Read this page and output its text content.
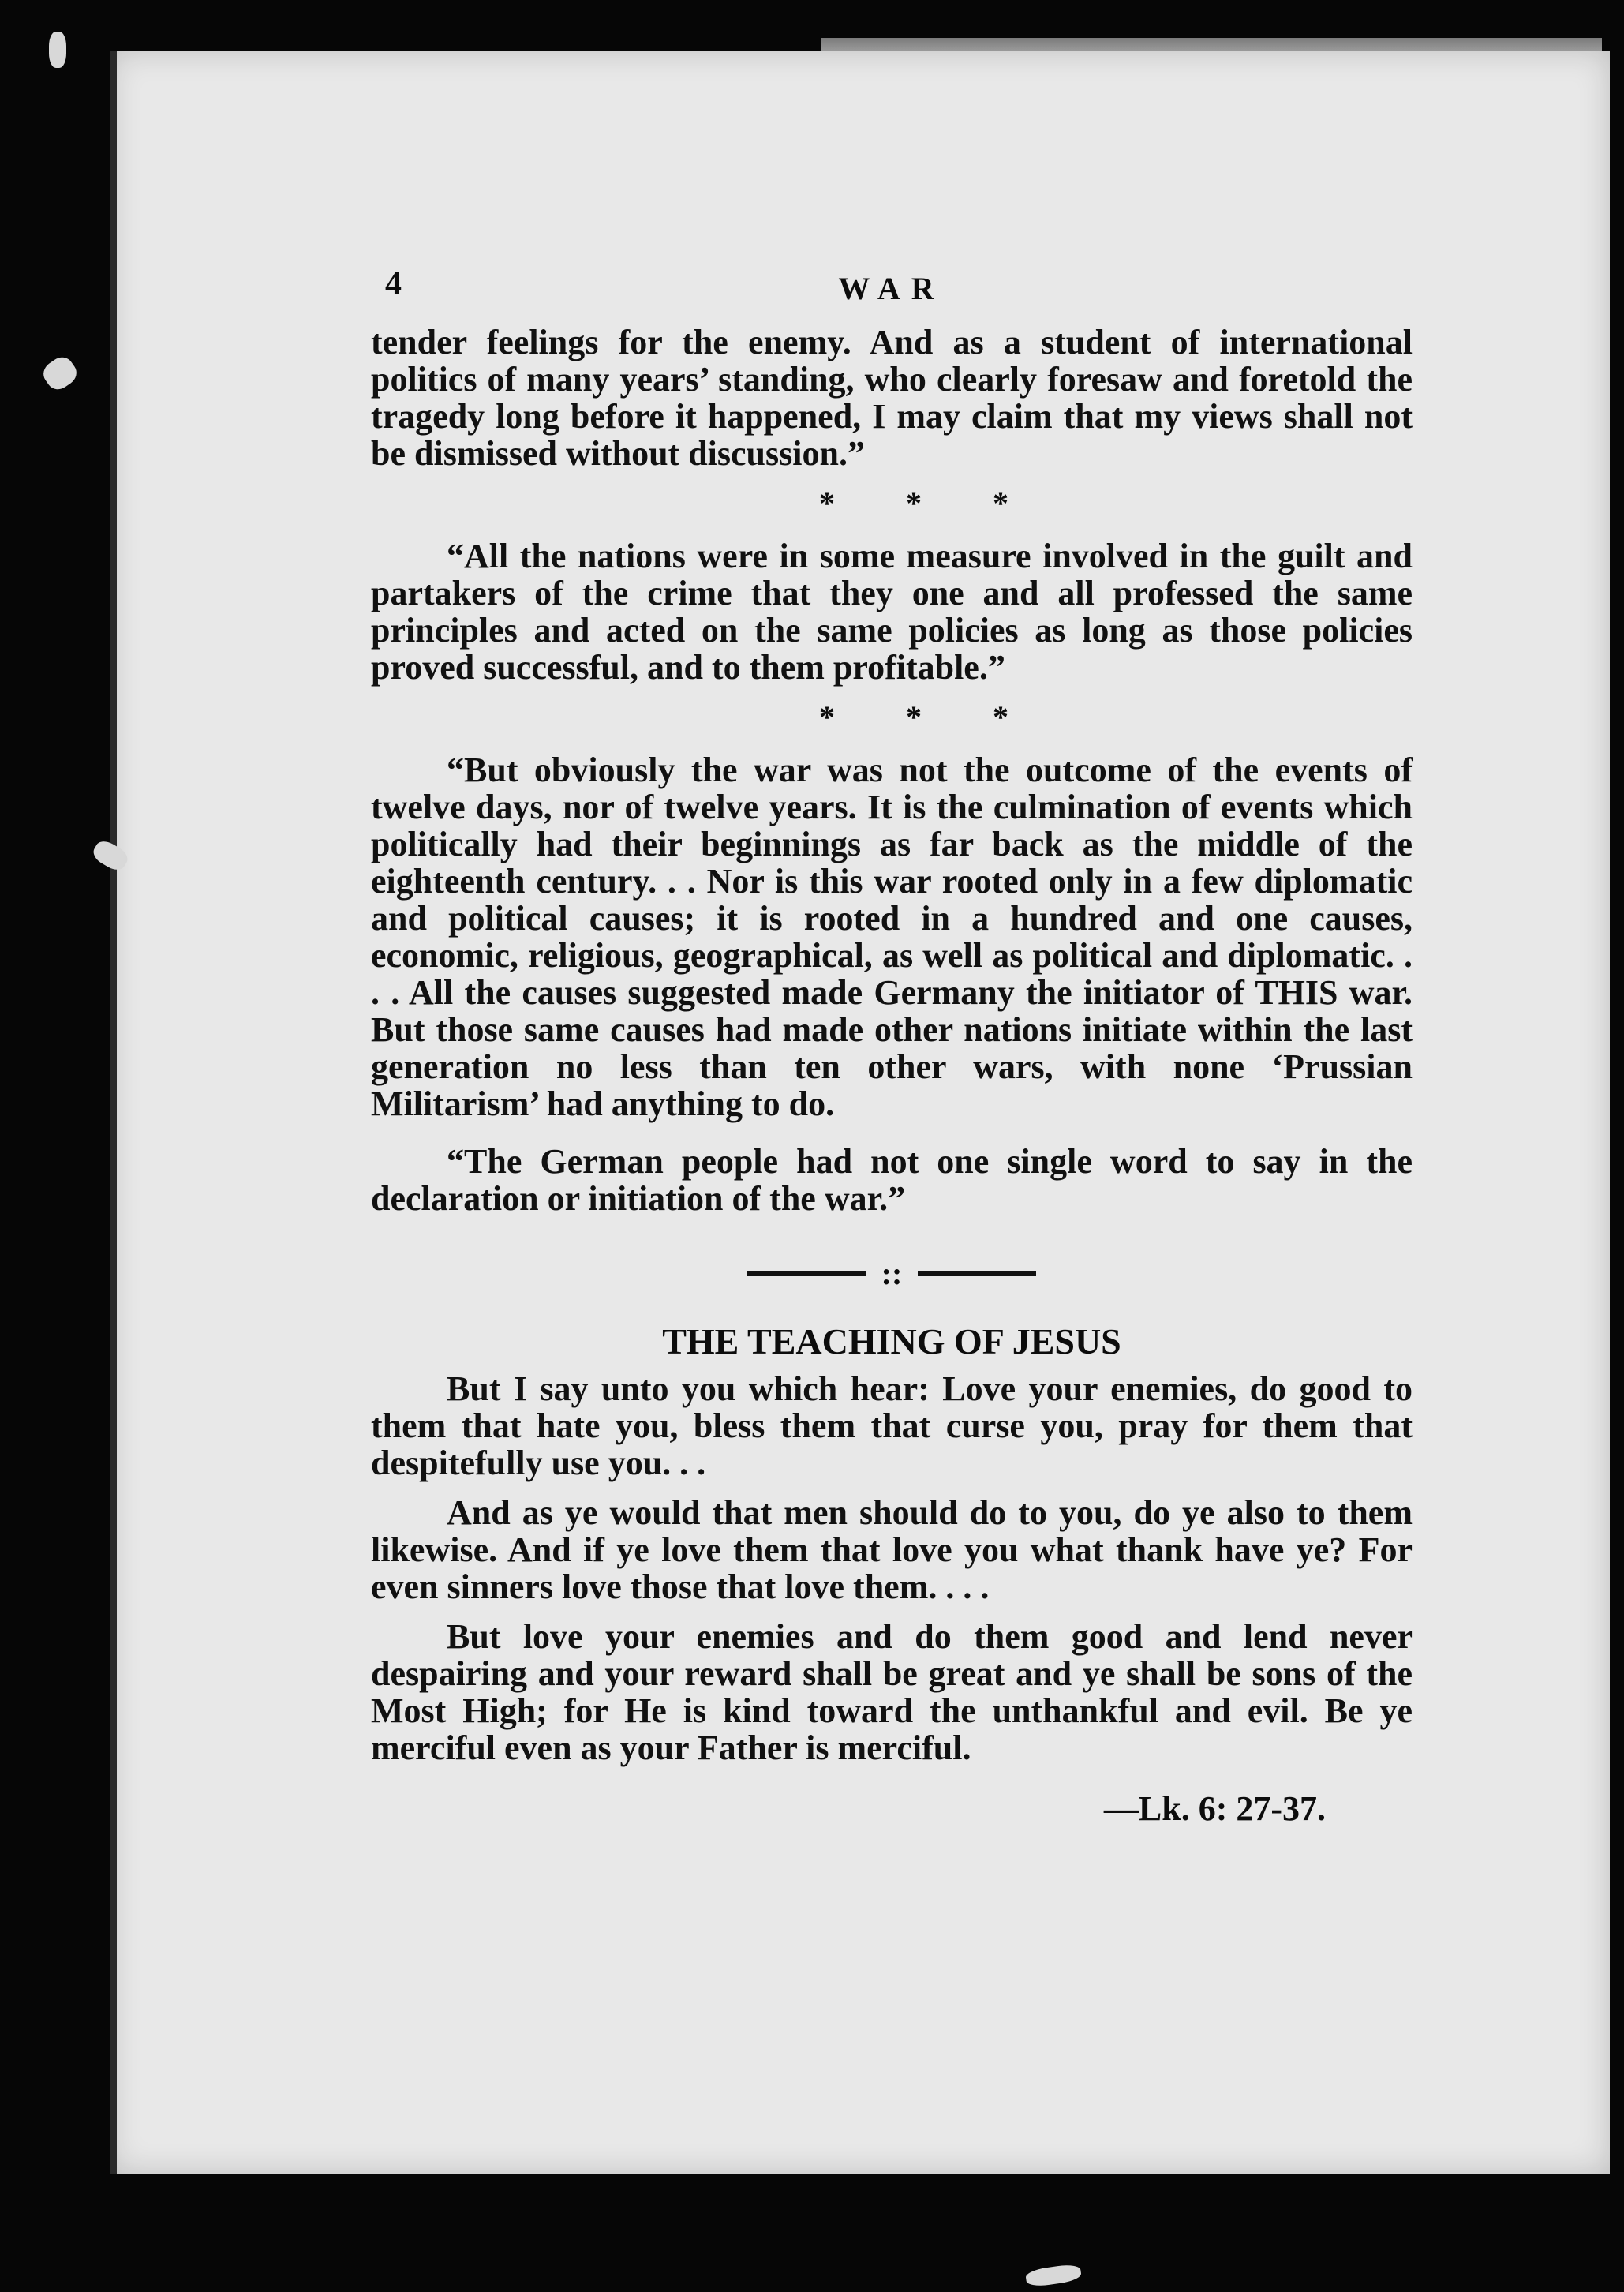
4	WAR

tender feelings for the enemy. And as a student of international politics of many years’ standing, who clearly foresaw and foretold the tragedy long before it happened, I may claim that my views shall not be dismissed without discussion.”

* * *

“All the nations were in some measure involved in the guilt and partakers of the crime that they one and all professed the same principles and acted on the same policies as long as those policies proved successful, and to them profitable.”

* * *

“But obviously the war was not the outcome of the events of twelve days, nor of twelve years. It is the culmination of events which politically had their beginnings as far back as the middle of the eighteenth century. . . Nor is this war rooted only in a few diplomatic and political causes; it is rooted in a hundred and one causes, economic, religious, geographical, as well as political and diplomatic. . . . All the causes suggested made Germany the initiator of THIS war. But those same causes had made other nations initiate within the last generation no less than ten other wars, with none ‘Prussian Militarism’ had anything to do.

“The German people had not one single word to say in the declaration or initiation of the war.”

::
THE TEACHING OF JESUS

But I say unto you which hear: Love your enemies, do good to them that hate you, bless them that curse you, pray for them that despitefully use you. . .

And as ye would that men should do to you, do ye also to them likewise. And if ye love them that love you what thank have ye? For even sinners love those that love them. . . .

But love your enemies and do them good and lend never despairing and your reward shall be great and ye shall be sons of the Most High; for He is kind toward the unthankful and evil. Be ye merciful even as your Father is merciful.

—Lk. 6: 27-37.
